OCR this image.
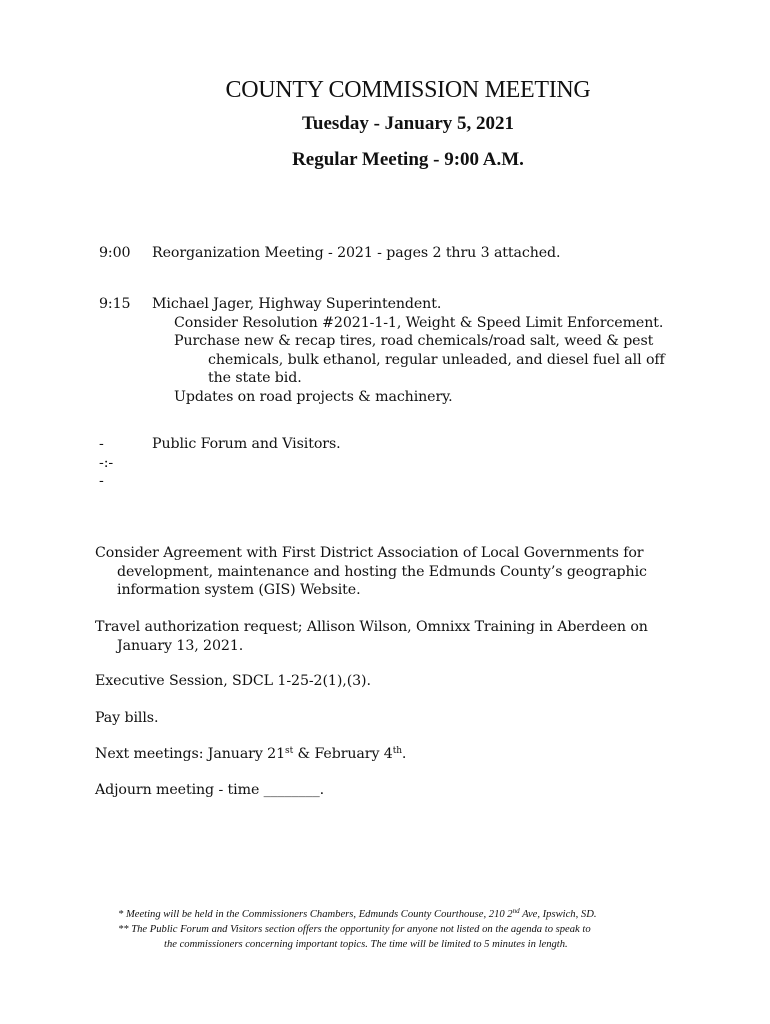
COUNTY COMMISSION MEETING
Tuesday - January 5, 2021
Regular Meeting - 9:00 A.M.
9:00 Reorganization Meeting - 2021 - pages 2 thru 3 attached.
9:15 Michael Jager, Highway Superintendent.
Consider Resolution #2021-1-1, Weight & Speed Limit Enforcement.
Purchase new & recap tires, road chemicals/road salt, weed & pest chemicals, bulk ethanol, regular unleaded, and diesel fuel all off the state bid.
Updates on road projects & machinery.
--:--
Public Forum and Visitors.
Consider Agreement with First District Association of Local Governments for development, maintenance and hosting the Edmunds County’s geographic information system (GIS) Website.
Travel authorization request; Allison Wilson, Omnixx Training in Aberdeen on January 13, 2021.
Executive Session, SDCL 1-25-2(1),(3).
Pay bills.
Next meetings: January 21st & February 4th.
Adjourn meeting - time ________.
* Meeting will be held in the Commissioners Chambers, Edmunds County Courthouse, 210 2nd Ave, Ipswich, SD.
** The Public Forum and Visitors section offers the opportunity for anyone not listed on the agenda to speak to
the commissioners concerning important topics. The time will be limited to 5 minutes in length.
